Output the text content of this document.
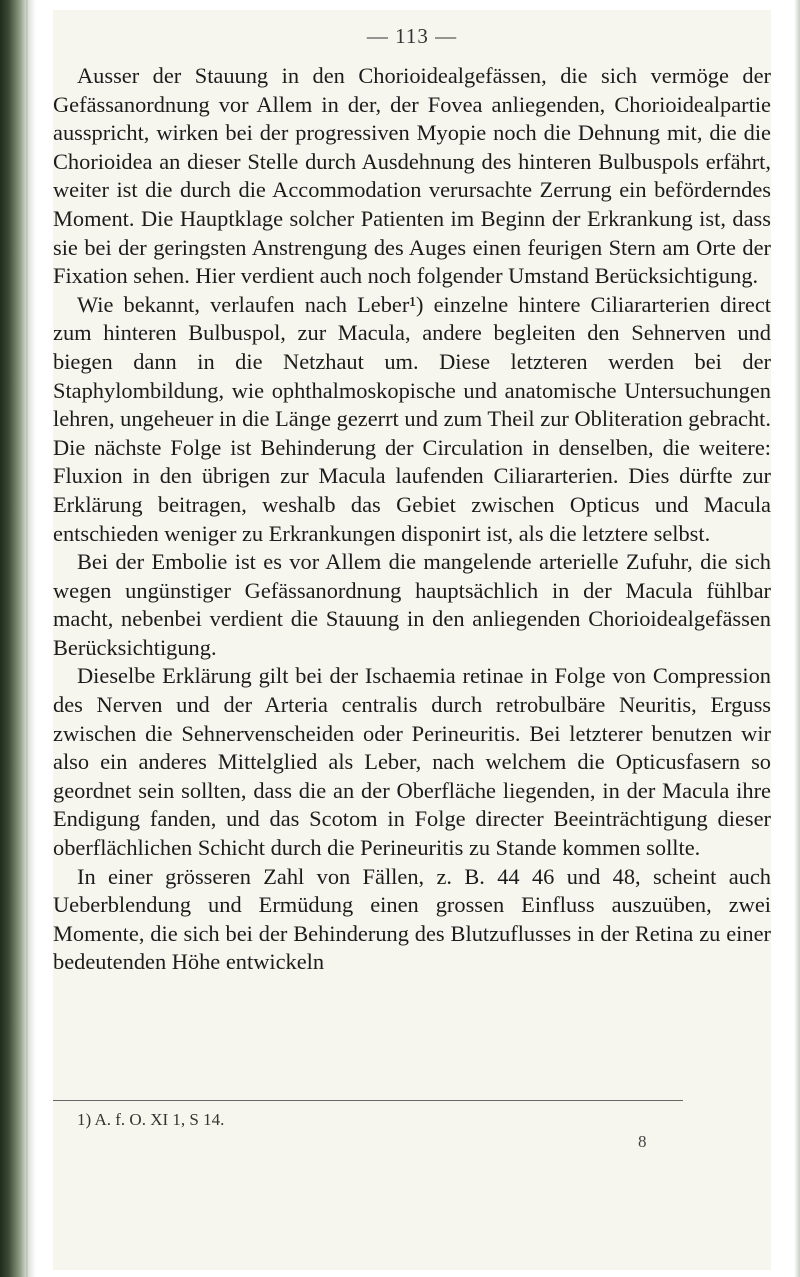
— 113 —

Ausser der Stauung in den Chorioidealgefässen, die sich vermöge der Gefässanordnung vor Allem in der, der Fovea anliegenden, Chorioidealpartie ausspricht, wirken bei der progressiven Myopie noch die Dehnung mit, die die Chorioidea an dieser Stelle durch Ausdehnung des hinteren Bulbuspols erfährt, weiter ist die durch die Accommodation verursachte Zerrung ein beförderndes Moment. Die Hauptklage solcher Patienten im Beginn der Erkrankung ist, dass sie bei der geringsten Anstrengung des Auges einen feurigen Stern am Orte der Fixation sehen. Hier verdient auch noch folgender Umstand Berücksichtigung.

Wie bekannt, verlaufen nach Leber¹) einzelne hintere Ciliararterien direct zum hinteren Bulbuspol, zur Macula, andere begleiten den Sehnerven und biegen dann in die Netzhaut um. Diese letzteren werden bei der Staphylombildung, wie ophthalmoskopische und anatomische Untersuchungen lehren, ungeheuer in die Länge gezerrt und zum Theil zur Obliteration gebracht. Die nächste Folge ist Behinderung der Circulation in denselben, die weitere: Fluxion in den übrigen zur Macula laufenden Ciliararterien. Dies dürfte zur Erklärung beitragen, weshalb das Gebiet zwischen Opticus und Macula entschieden weniger zu Erkrankungen disponirt ist, als die letztere selbst.

Bei der Embolie ist es vor Allem die mangelende arterielle Zufuhr, die sich wegen ungünstiger Gefässanordnung hauptsächlich in der Macula fühlbar macht, nebenbei verdient die Stauung in den anliegenden Chorioidealgefässen Berücksichtigung.

Dieselbe Erklärung gilt bei der Ischaemia retinae in Folge von Compression des Nerven und der Arteria centralis durch retrobulbäre Neuritis, Erguss zwischen die Sehnervenscheiden oder Perineuritis. Bei letzterer benutzen wir also ein anderes Mittelglied als Leber, nach welchem die Opticusfasern so geordnet sein sollten, dass die an der Oberfläche liegenden, in der Macula ihre Endigung fanden, und das Scotom in Folge directer Beeinträchtigung dieser oberflächlichen Schicht durch die Perineuritis zu Stande kommen sollte.

In einer grösseren Zahl von Fällen, z. B. 44 46 und 48, scheint auch Ueberblendung und Ermüdung einen grossen Einfluss auszuüben, zwei Momente, die sich bei der Behinderung des Blutzuflusses in der Retina zu einer bedeutenden Höhe entwickeln

1) A. f. O. XI 1, S 14.
8
